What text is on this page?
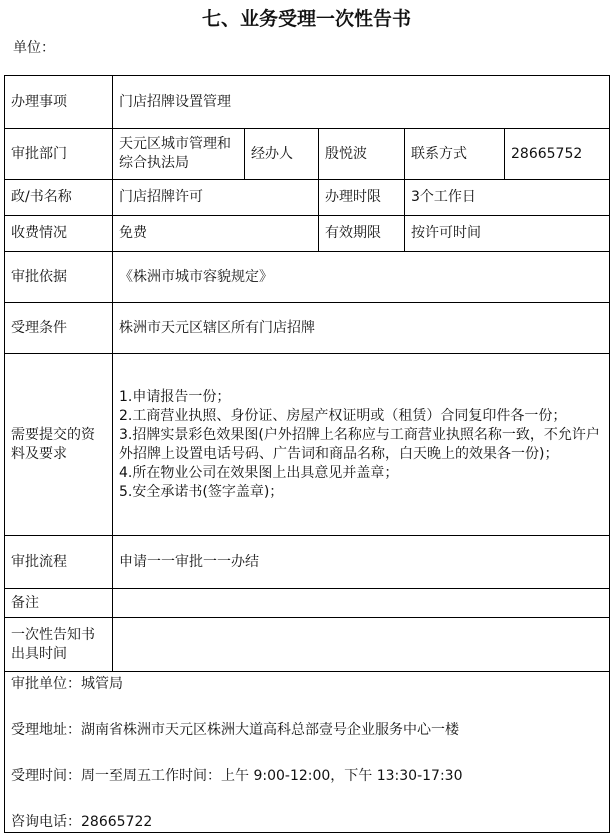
七、业务受理一次性告书
单位：
办理事项	门店招牌设置管理				
审批部门	天元区城市管理和综合执法局	经办人	殷悦波	联系方式	28665752
政/书名称	门店招牌许可		办理时限	3个工作日	
收费情况	免费		有效期限	按许可时间	
审批依据	《株洲市城市容貌规定》				
受理条件	株洲市天元区辖区所有门店招牌				
需要提交的资料及要求	1.申请报告一份；
2.工商营业执照、身份证、房屋产权证明或（租赁）合同复印件各一份；
3.招牌实景彩色效果图(户外招牌上名称应与工商营业执照名称一致，不允许户外招牌上设置电话号码、广告词和商品名称，白天晚上的效果各一份)；
4.所在物业公司在效果图上出具意见并盖章；
5.安全承诺书(签字盖章)；				

审批流程	申请一一审批一一办结				
备注					
一次性告知书出具时间					

审批单位：城管局
受理地址：湖南省株洲市天元区株洲大道高科总部壹号企业服务中心一楼
受理时间：周一至周五工作时间：上午 9:00-12:00，下午 13:30-17:30
咨询电话：28665722					
